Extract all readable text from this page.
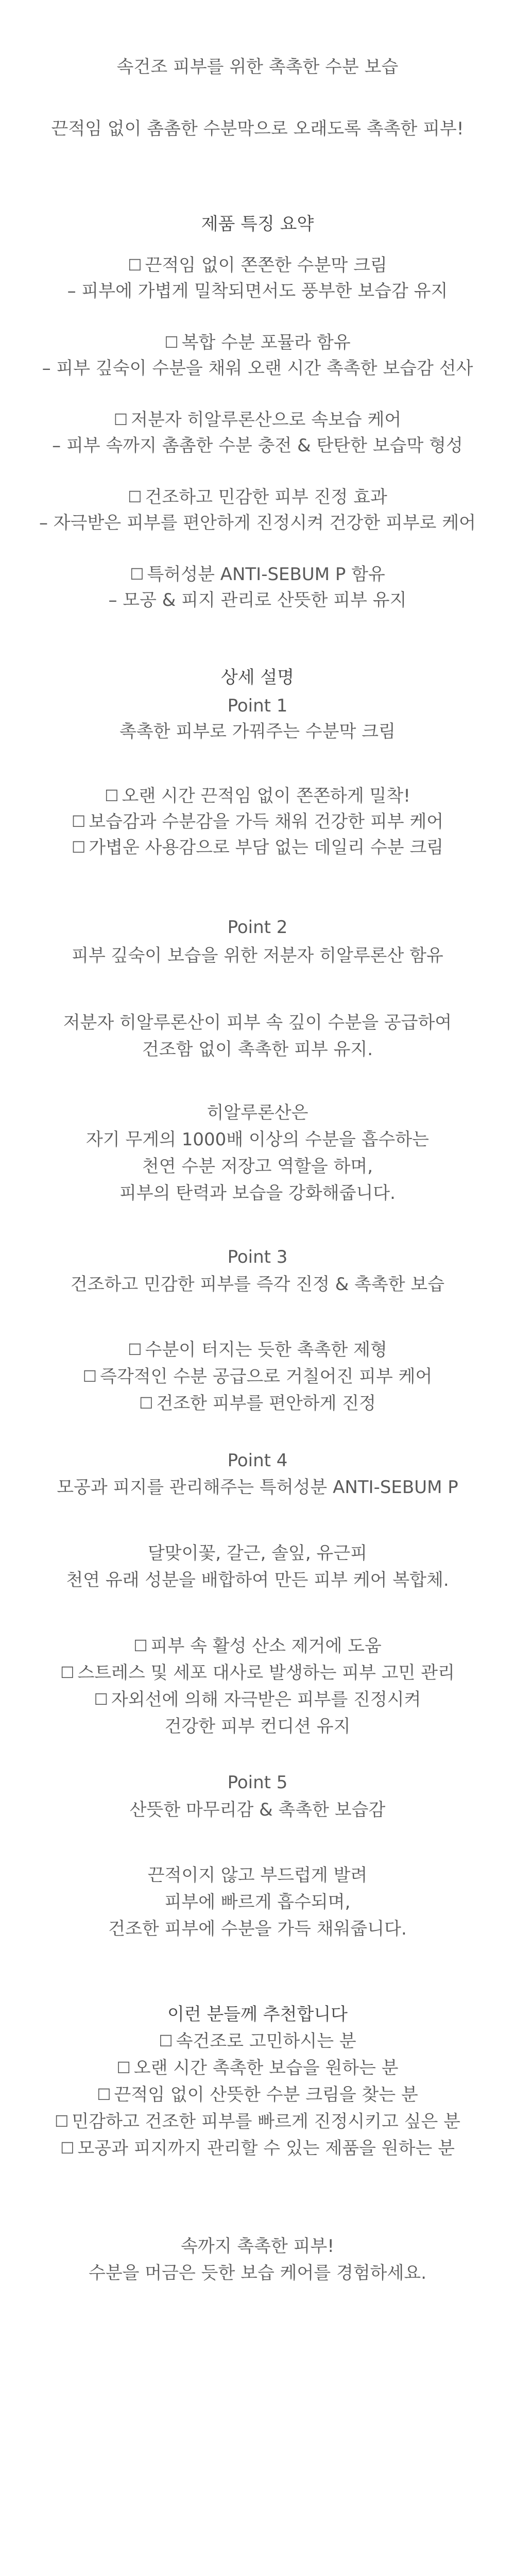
속건조 피부를 위한 촉촉한 수분 보습
끈적임 없이 촘촘한 수분막으로 오래도록 촉촉한 피부!
제품 특징 요약
☐ 끈적임 없이 쫀쫀한 수분막 크림
– 피부에 가볍게 밀착되면서도 풍부한 보습감 유지
☐ 복합 수분 포뮬라 함유
– 피부 깊숙이 수분을 채워 오랜 시간 촉촉한 보습감 선사
☐ 저분자 히알루론산으로 속보습 케어
– 피부 속까지 촘촘한 수분 충전 & 탄탄한 보습막 형성
☐ 건조하고 민감한 피부 진정 효과
– 자극받은 피부를 편안하게 진정시켜 건강한 피부로 케어
☐ 특허성분 ANTI-SEBUM P 함유
– 모공 & 피지 관리로 산뜻한 피부 유지
상세 설명
Point 1
촉촉한 피부로 가꿔주는 수분막 크림
☐ 오랜 시간 끈적임 없이 쫀쫀하게 밀착!
☐ 보습감과 수분감을 가득 채워 건강한 피부 케어
☐ 가볍운 사용감으로 부담 없는 데일리 수분 크림
Point 2
피부 깊숙이 보습을 위한 저분자 히알루론산 함유
저분자 히알루론산이 피부 속 깊이 수분을 공급하여
건조함 없이 촉촉한 피부 유지.
히알루론산은
자기 무게의 1000배 이상의 수분을 흡수하는
천연 수분 저장고 역할을 하며,
피부의 탄력과 보습을 강화해줍니다.
Point 3
건조하고 민감한 피부를 즉각 진정 & 촉촉한 보습
☐ 수분이 터지는 듯한 촉촉한 제형
☐ 즉각적인 수분 공급으로 거칠어진 피부 케어
☐ 건조한 피부를 편안하게 진정
Point 4
모공과 피지를 관리해주는 특허성분 ANTI-SEBUM P
달맞이꽃, 갈근, 솔잎, 유근피
천연 유래 성분을 배합하여 만든 피부 케어 복합체.
☐ 피부 속 활성 산소 제거에 도움
☐ 스트레스 및 세포 대사로 발생하는 피부 고민 관리
☐ 자외선에 의해 자극받은 피부를 진정시켜
건강한 피부 컨디션 유지
Point 5
산뜻한 마무리감 & 촉촉한 보습감
끈적이지 않고 부드럽게 발려
피부에 빠르게 흡수되며,
건조한 피부에 수분을 가득 채워줍니다.
이런 분들께 추천합니다
☐ 속건조로 고민하시는 분
☐ 오랜 시간 촉촉한 보습을 원하는 분
☐ 끈적임 없이 산뜻한 수분 크림을 찾는 분
☐ 민감하고 건조한 피부를 빠르게 진정시키고 싶은 분
☐ 모공과 피지까지 관리할 수 있는 제품을 원하는 분
속까지 촉촉한 피부!
수분을 머금은 듯한 보습 케어를 경험하세요.
